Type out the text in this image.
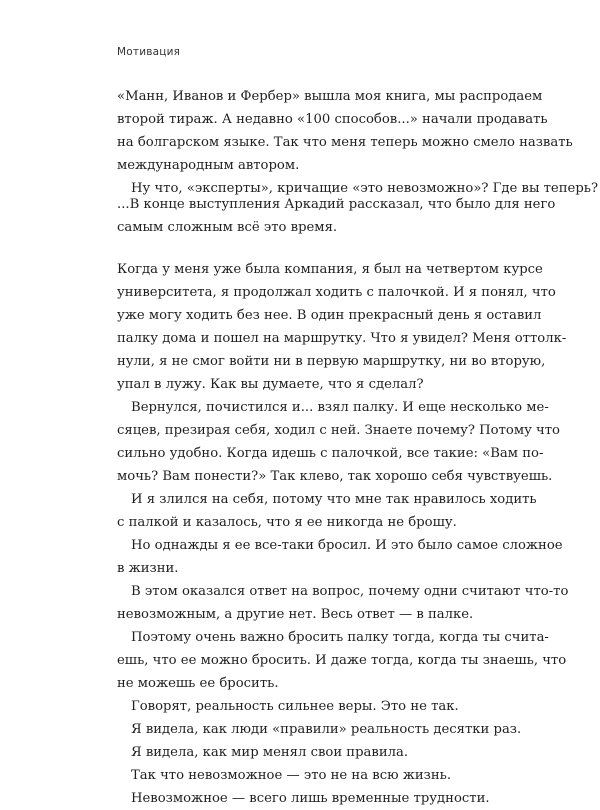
Мотивация
«Манн, Иванов и Фербер» вышла моя книга, мы распродаем
второй тираж. А недавно «100 способов...» начали продавать
на болгарском языке. Так что меня теперь можно смело назвать
международным автором.
Ну что, «эксперты», кричащие «это невозможно»? Где вы теперь?
...В конце выступления Аркадий рассказал, что было для него
самым сложным всё это время.
Когда у меня уже была компания, я был на четвертом курсе
университета, я продолжал ходить с палочкой. И я понял, что
уже могу ходить без нее. В один прекрасный день я оставил
палку дома и пошел на маршрутку. Что я увидел? Меня оттолк-
нули, я не смог войти ни в первую маршрутку, ни во вторую,
упал в лужу. Как вы думаете, что я сделал?
Вернулся, почистился и... взял палку. И еще несколько ме-
сяцев, презирая себя, ходил с ней. Знаете почему? Потому что
сильно удобно. Когда идешь с палочкой, все такие: «Вам по-
мочь? Вам понести?» Так клево, так хорошо себя чувствуешь.
И я злился на себя, потому что мне так нравилось ходить
с палкой и казалось, что я ее никогда не брошу.
Но однажды я ее все-таки бросил. И это было самое сложное
в жизни.
В этом оказался ответ на вопрос, почему одни считают что-то
невозможным, а другие нет. Весь ответ — в палке.
Поэтому очень важно бросить палку тогда, когда ты счита-
ешь, что ее можно бросить. И даже тогда, когда ты знаешь, что
не можешь ее бросить.
Говорят, реальность сильнее веры. Это не так.
Я видела, как люди «правили» реальность десятки раз.
Я видела, как мир менял свои правила.
Так что невозможное — это не на всю жизнь.
Невозможное — всего лишь временные трудности.
